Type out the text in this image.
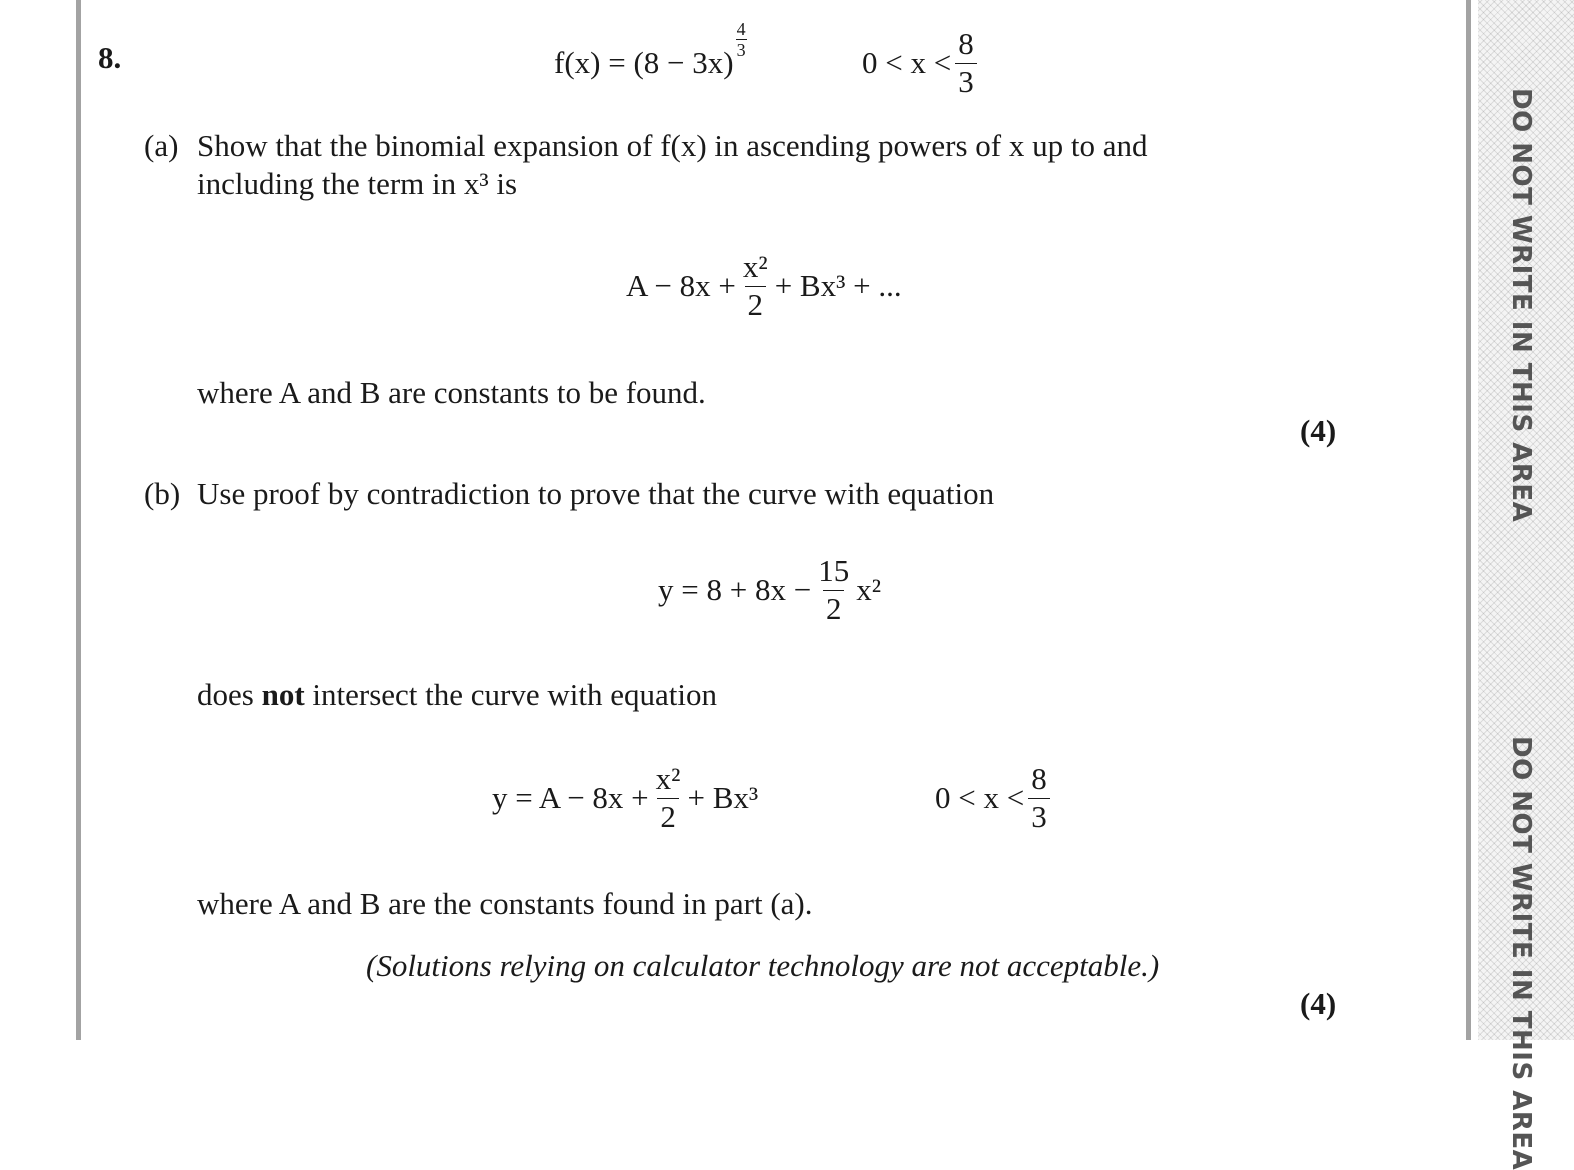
DO NOT WRITE IN THIS AREA
DO NOT WRITE IN THIS AREA
8.	f(x) = (8 − 3x)
$\frac{4}{3}$
$0 < x < \frac{8}{3}$
(a) Show that the binomial expansion of f(x) in ascending powers of x up to and
including the term in x³ is
$A - 8x + \frac{\text{x²}}{2} + Bx^3$ + ...
where A and B are constants to be found.
(4)
(b) Use proof by contradiction to prove that the curve with equation
$y = 8 + 8x - \frac{15}{2} x^2$
does not intersect the curve with equation
$y = A - 8x + \frac{\text{x²}}{2} + Bx^3$	$0 < x < \frac{8}{3}$
where A and B are the constants found in part (a).
(Solutions relying on calculator technology are not acceptable.)
(4)
